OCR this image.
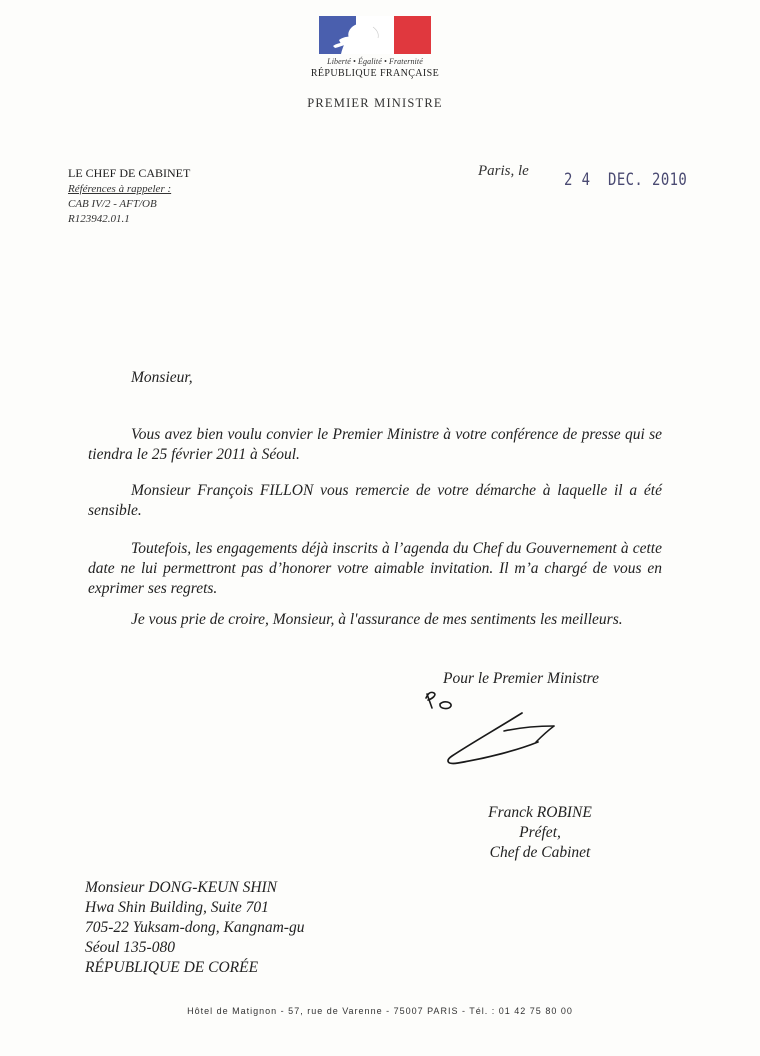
Liberté • Égalité • Fraternité
RÉPUBLIQUE FRANÇAISE
PREMIER MINISTRE
LE CHEF DE CABINET
Références à rappeler :
CAB IV/2 - AFT/OB
R123942.01.1
Paris, le 2 4  DEC. 2010
Monsieur,
Vous avez bien voulu convier le Premier Ministre à votre conférence de presse qui se tiendra le 25 février 2011 à Séoul.
Monsieur François FILLON vous remercie de votre démarche à laquelle il a été sensible.
Toutefois, les engagements déjà inscrits à l’agenda du Chef du Gouvernement à cette date ne lui permettront pas d’honorer votre aimable invitation. Il m’a chargé de vous en exprimer ses regrets.
Je vous prie de croire, Monsieur, à l'assurance de mes sentiments les meilleurs.
Pour le Premier Ministre
Franck ROBINE
Préfet,
Chef de Cabinet
Monsieur DONG-KEUN SHIN
Hwa Shin Building, Suite 701
705-22 Yuksam-dong, Kangnam-gu
Séoul 135-080
RÉPUBLIQUE DE CORÉE
Hôtel de Matignon - 57, rue de Varenne - 75007 PARIS - Tél. : 01 42 75 80 00
